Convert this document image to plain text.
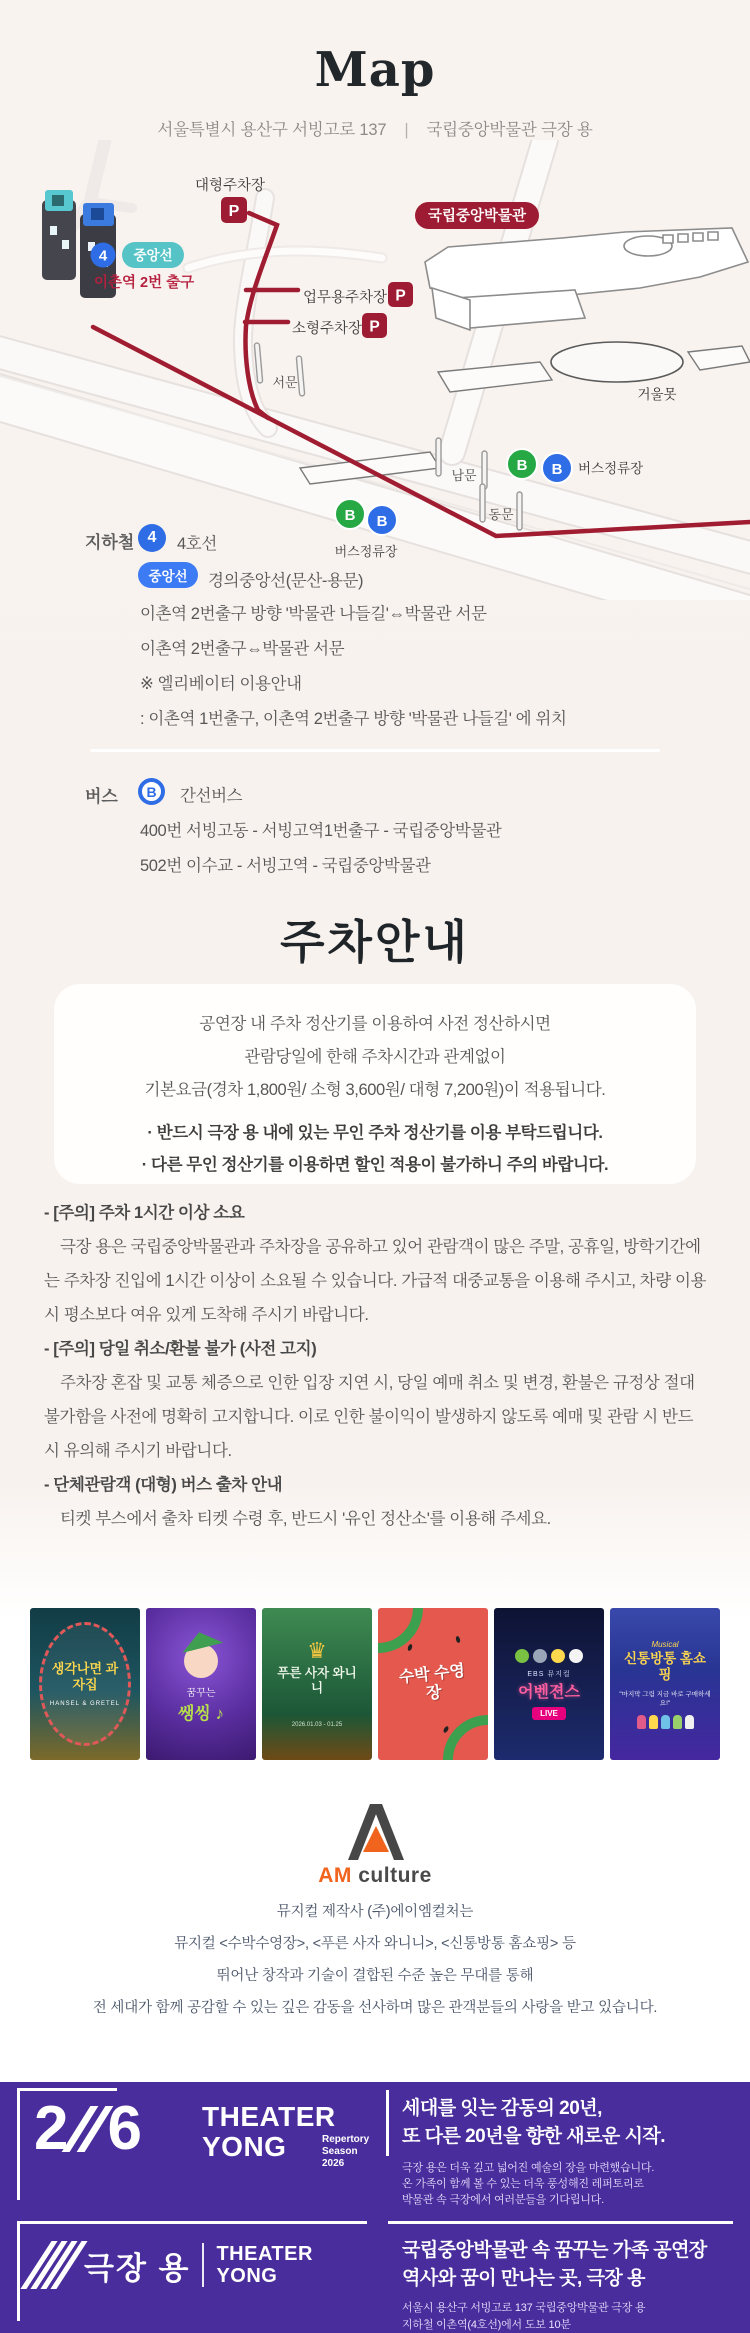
Map
서울특별시 용산구 서빙고로 137 | 국립중앙박물관 극장 용
4 중앙선
이촌역 2번 출구
국립중앙박물관
대형주차장
P
업무용주차장 P
소형주차장 P
서문
남문
동문
거울못
B B 버스정류장
B B
버스정류장
지하철 4 4호선
중앙선 경의중앙선(문산-용문)
이촌역 2번출구 방향 '박물관 나들길'⇔박물관 서문
이촌역 2번출구⇔박물관 서문
※ 엘리베이터 이용안내
: 이촌역 1번출구, 이촌역 2번출구 방향 '박물관 나들길' 에 위치
버스 B 간선버스
400번 서빙고동 - 서빙고역1번출구 - 국립중앙박물관
502번 이수교 - 서빙고역 - 국립중앙박물관
주차안내

공연장 내 주차 정산기를 이용하여 사전 정산하시면

관람당일에 한해 주차시간과 관계없이

기본요금(경차 1,800원/ 소형 3,600원/ 대형 7,200원)이 적용됩니다.

· 반드시 극장 용 내에 있는 무인 주차 정산기를 이용 부탁드립니다.

· 다른 무인 정산기를 이용하면 할인 적용이 불가하니 주의 바랍니다.

- [주의] 주차 1시간 이상 소요

극장 용은 국립중앙박물관과 주차장을 공유하고 있어 관람객이 많은 주말, 공휴일, 방학기간에는 주차장 진입에 1시간 이상이 소요될 수 있습니다. 가급적 대중교통을 이용해 주시고, 차량 이용 시 평소보다 여유 있게 도착해 주시기 바랍니다.

- [주의] 당일 취소/환불 불가 (사전 고지)

주차장 혼잡 및 교통 체증으로 인한 입장 지연 시, 당일 예매 취소 및 변경, 환불은 규정상 절대 불가함을 사전에 명확히 고지합니다. 이로 인한 불이익이 발생하지 않도록 예매 및 관람 시 반드시 유의해 주시기 바랍니다.

- 단체관람객 (대형) 버스 출차 안내

티켓 부스에서 출차 티켓 수령 후, 반드시 '유인 정산소'를 이용해 주세요.

생각나면 과자집
HANSEL & GRETEL
꿈꾸는
쌩씽 ♪
♛
푸른 사자 와니니
2026.01.03 - 01.25
수박 수영장
EBS 뮤지컬
어벤젼스
LIVE
Musical
신통방통 홈쇼핑
"마지막 그림 지금 바로 구매하세요!"
AM culture

뮤지컬 제작사 (주)에이엠컬처는

뮤지컬 <수박수영장>, <푸른 사자 와니니>, <신통방통 홈쇼핑> 등

뛰어난 창작과 기술이 결합된 수준 높은 무대를 통해

전 세대가 함께 공감할 수 있는 깊은 감동을 선사하며 많은 관객분들의 사랑을 받고 있습니다.

2 6 THEATER
YONG	Repertory
Season
2026
세대를 잇는 감동의 20년,
또 다른 20년을 향한 새로운 시작.
극장 용은 더욱 깊고 넓어진 예술의 장을 마련했습니다.
온 가족이 함께 볼 수 있는 더욱 풍성해진 레퍼토리로
박물관 속 극장에서 여러분들을 기다립니다.
극장 용 THEATER
YONG
국립중앙박물관 속 꿈꾸는 가족 공연장
역사와 꿈이 만나는 곳, 극장 용
서울시 용산구 서빙고로 137 국립중앙박물관 극장 용
지하철 이촌역(4호선)에서 도보 10분
